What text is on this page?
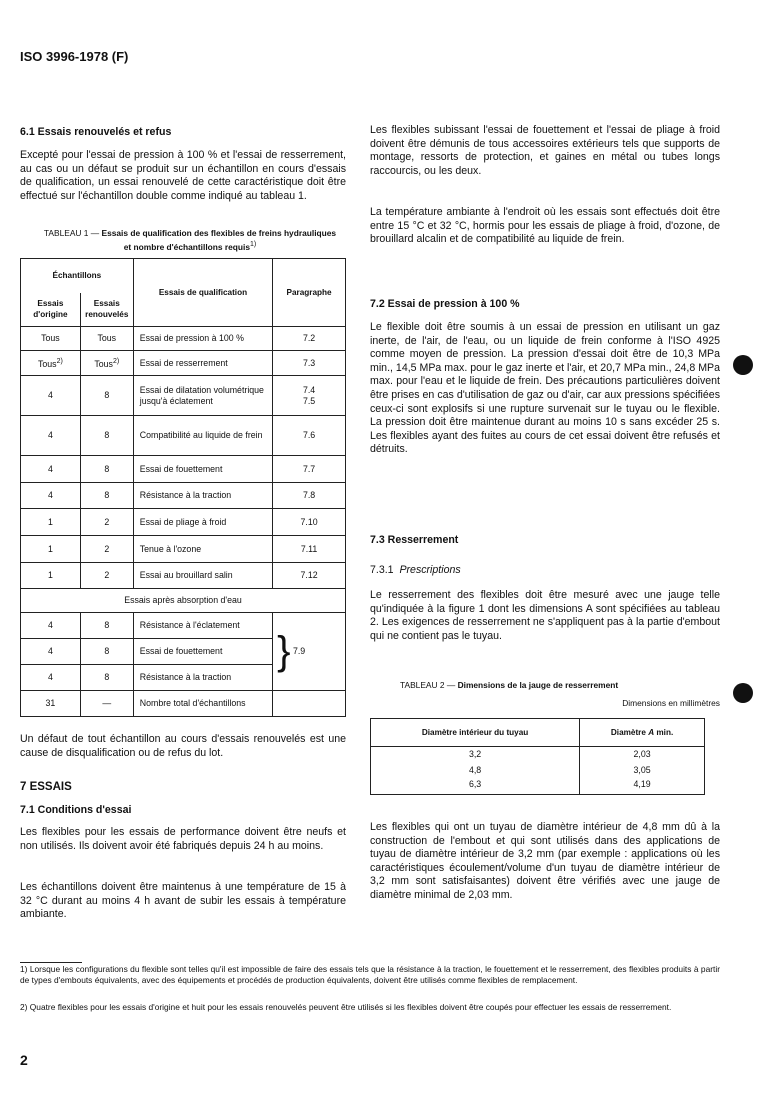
ISO 3996-1978 (F)
6.1 Essais renouvelés et refus

Excepté pour l'essai de pression à 100 % et l'essai de resserrement, au cas ou un défaut se produit sur un échantillon en cours d'essais de qualification, un essai renouvelé de cette caractéristique doit être effectué sur l'échantillon double comme indiqué au tableau 1.

TABLEAU 1 — Essais de qualification des flexibles de freins hydrauliques et nombre d'échantillons requis$^{1)}$
Échantillons		Essais de qualification	Paragraphe
Essais d'origine	Essais renouvelés		
Tous	Tous	Essai de pression à 100 %	7.2

Tous$^{2)}$	Tous$^{2)}$	Essai de resserrement	7.3

4	8	Essai de dilatation volumétrique jusqu'à éclatement	7.4
7.5

4	8	Compatibilité au liquide de frein	7.6

4	8	Essai de fouettement	7.7

4	8	Résistance à la traction	7.8

1	2	Essai de pliage à froid	7.10

1	2	Tenue à l'ozone	7.11

1	2	Essai au brouillard salin	7.12

Essais après absorption d'eau			
4	8	Résistance à l'éclatement	} 7.9
4	8	Essai de fouettement	
4	8	Résistance à la traction	
31	—	Nombre total d'échantillons	

Un défaut de tout échantillon au cours d'essais renouvelés est une cause de disqualification ou de refus du lot.

7 ESSAIS
7.1 Conditions d'essai

Les flexibles pour les essais de performance doivent être neufs et non utilisés. Ils doivent avoir été fabriqués depuis 24 h au moins.

Les échantillons doivent être maintenus à une température de 15 à 32 °C durant au moins 4 h avant de subir les essais à température ambiante.

Les flexibles subissant l'essai de fouettement et l'essai de pliage à froid doivent être démunis de tous accessoires extérieurs tels que supports de montage, ressorts de protection, et gaines en métal ou tubes longs raccourcis, ou les deux.

La température ambiante à l'endroit où les essais sont effectués doit être entre 15 °C et 32 °C, hormis pour les essais de pliage à froid, d'ozone, de brouillard alcalin et de compatibilité au liquide de frein.

7.2 Essai de pression à 100 %

Le flexible doit être soumis à un essai de pression en utilisant un gaz inerte, de l'air, de l'eau, ou un liquide de frein conforme à l'ISO 4925 comme moyen de pression. La pression d'essai doit être de 10,3 MPa min., 14,5 MPa max. pour le gaz inerte et l'air, et 20,7 MPa min., 24,8 MPa max. pour l'eau et le liquide de frein. Des précautions particulières doivent être prises en cas d'utilisation de gaz ou d'air, car aux pressions spécifiées ceux-ci sont explosifs si une rupture survenait sur le tuyau ou le flexible. La pression doit être maintenue durant au moins 10 s sans excéder 25 s. Les flexibles ayant des fuites au cours de cet essai doivent être refusés et détruits.

7.3 Resserrement
7.3.1 Prescriptions

Le resserrement des flexibles doit être mesuré avec une jauge telle qu'indiquée à la figure 1 dont les dimensions A sont spécifiées au tableau 2. Les exigences de resserrement ne s'appliquent pas à la partie d'embout qui ne contient pas le tuyau.

TABLEAU 2 — Dimensions de la jauge de resserrement
Dimensions en millimètres
Diamètre intérieur du tuyau	Diamètre A min.
3,2	2,03
4,8	3,05
6,3	4,19

Les flexibles qui ont un tuyau de diamètre intérieur de 4,8 mm dû à la construction de l'embout et qui sont utilisés dans des applications de tuyau de diamètre intérieur de 3,2 mm (par exemple : applications où les caractéristiques écoulement/volume d'un tuyau de diamètre intérieur de 3,2 mm sont satisfaisantes) doivent être vérifiés avec une jauge de diamètre minimal de 2,03 mm.

1) Lorsque les configurations du flexible sont telles qu'il est impossible de faire des essais tels que la résistance à la traction, le fouettement et le resserrement, des flexibles produits à partir de types d'embouts équivalents, avec des équipements et procédés de production équivalents, doivent être utilisés comme flexibles de remplacement.

2) Quatre flexibles pour les essais d'origine et huit pour les essais renouvelés peuvent être utilisés si les flexibles doivent être coupés pour effectuer les essais de resserrement.

2
